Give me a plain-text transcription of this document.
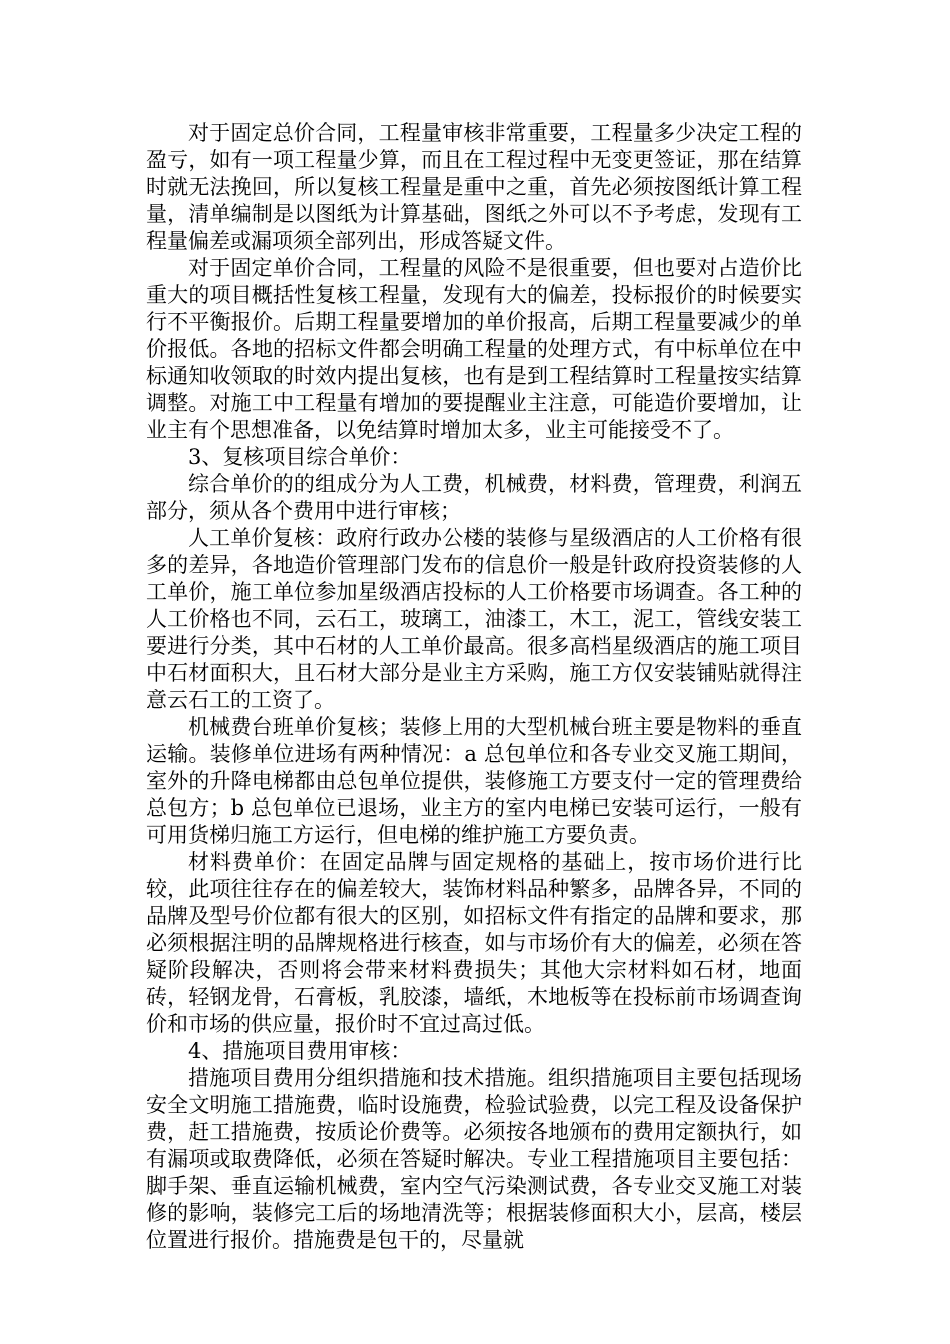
对于固定总价合同，工程量审核非常重要，工程量多少决定工程的盈亏，如有一项工程量少算，而且在工程过程中无变更签证，那在结算时就无法挽回，所以复核工程量是重中之重，首先必须按图纸计算工程量，清单编制是以图纸为计算基础，图纸之外可以不予考虑，发现有工程量偏差或漏项须全部列出，形成答疑文件。

对于固定单价合同，工程量的风险不是很重要，但也要对占造价比重大的项目概括性复核工程量，发现有大的偏差，投标报价的时候要实行不平衡报价。后期工程量要增加的单价报高，后期工程量要减少的单价报低。各地的招标文件都会明确工程量的处理方式，有中标单位在中标通知收领取的时效内提出复核，也有是到工程结算时工程量按实结算调整。对施工中工程量有增加的要提醒业主注意，可能造价要增加，让业主有个思想准备，以免结算时增加太多，业主可能接受不了。

3、复核项目综合单价：

综合单价的的组成分为人工费，机械费，材料费，管理费，利润五部分，须从各个费用中进行审核；

人工单价复核：政府行政办公楼的装修与星级酒店的人工价格有很多的差异，各地造价管理部门发布的信息价一般是针政府投资装修的人工单价，施工单位参加星级酒店投标的人工价格要市场调查。各工种的人工价格也不同，云石工，玻璃工，油漆工，木工，泥工，管线安装工要进行分类，其中石材的人工单价最高。很多高档星级酒店的施工项目中石材面积大，且石材大部分是业主方采购，施工方仅安装铺贴就得注意云石工的工资了。

机械费台班单价复核；装修上用的大型机械台班主要是物料的垂直运输。装修单位进场有两种情况：a 总包单位和各专业交叉施工期间，室外的升降电梯都由总包单位提供，装修施工方要支付一定的管理费给总包方；b 总包单位已退场，业主方的室内电梯已安装可运行，一般有可用货梯归施工方运行，但电梯的维护施工方要负责。

材料费单价：在固定品牌与固定规格的基础上，按市场价进行比较，此项往往存在的偏差较大，装饰材料品种繁多，品牌各异，不同的品牌及型号价位都有很大的区别，如招标文件有指定的品牌和要求，那必须根据注明的品牌规格进行核查，如与市场价有大的偏差，必须在答疑阶段解决，否则将会带来材料费损失；其他大宗材料如石材，地面砖，轻钢龙骨，石膏板，乳胶漆，墙纸，木地板等在投标前市场调查询价和市场的供应量，报价时不宜过高过低。

4、措施项目费用审核：

措施项目费用分组织措施和技术措施。组织措施项目主要包括现场安全文明施工措施费，临时设施费，检验试验费，以完工程及设备保护费，赶工措施费，按质论价费等。必须按各地颁布的费用定额执行，如有漏项或取费降低，必须在答疑时解决。专业工程措施项目主要包括：脚手架、垂直运输机械费，室内空气污染测试费，各专业交叉施工对装修的影响，装修完工后的场地清洗等；根据装修面积大小，层高，楼层位置进行报价。措施费是包干的，尽量就
